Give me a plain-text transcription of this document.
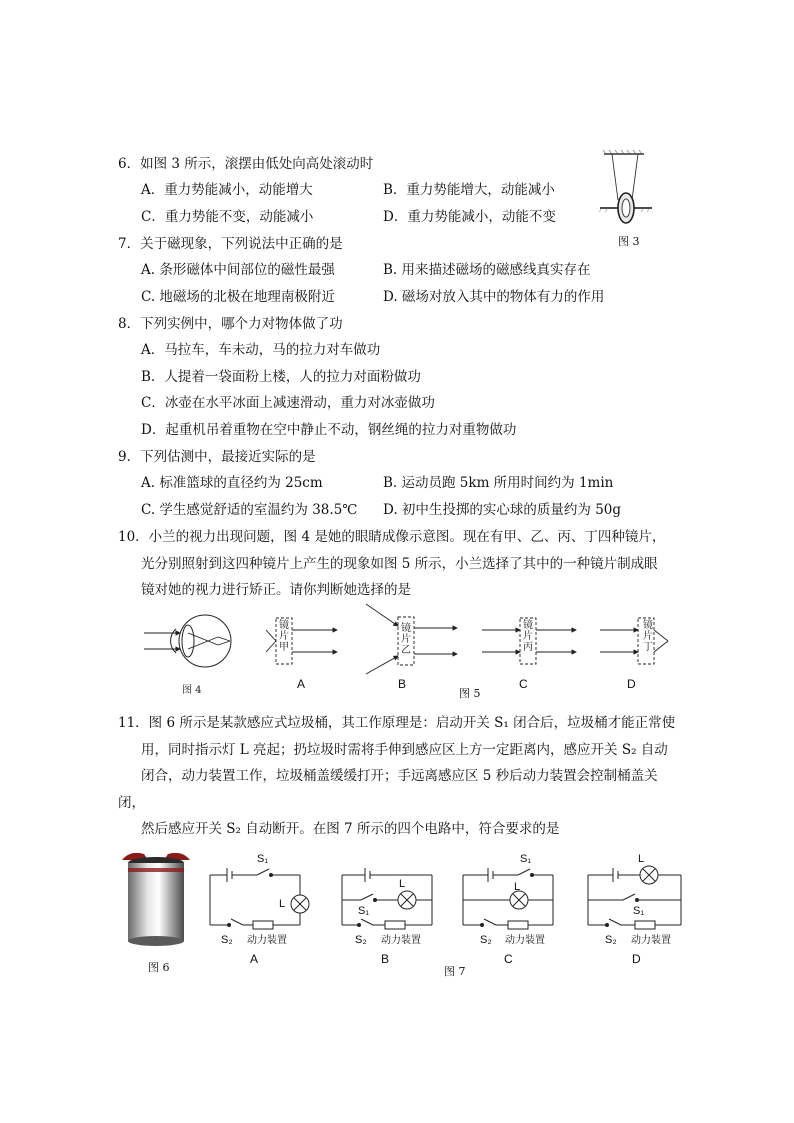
6．如图 3 所示，滚摆由低处向高处滚动时
A．重力势能减小，动能增大	B．重力势能增大，动能减小
C．重力势能不变，动能减小	D．重力势能减小，动能不变
图 3
7．关于磁现象，下列说法中正确的是
A. 条形磁体中间部位的磁性最强	B. 用来描述磁场的磁感线真实存在
C. 地磁场的北极在地理南极附近	D. 磁场对放入其中的物体有力的作用
8．下列实例中，哪个力对物体做了功
A．马拉车，车未动，马的拉力对车做功
B．人提着一袋面粉上楼，人的拉力对面粉做功
C．冰壶在水平冰面上减速滑动，重力对冰壶做功
D．起重机吊着重物在空中静止不动，钢丝绳的拉力对重物做功
9．下列估测中，最接近实际的是
A. 标准篮球的直径约为 25cm	B. 运动员跑 5km 所用时间约为 1min
C. 学生感觉舒适的室温约为 38.5℃ D. 初中生投掷的实心球的质量约为 50g
10．小兰的视力出现问题，图 4 是她的眼睛成像示意图。现在有甲、乙、丙、丁四种镜片，
光分别照射到这四种镜片上产生的现象如图 5 所示，小兰选择了其中的一种镜片制成眼
镜对她的视力进行矫正。请你判断她选择的是
图 4
镜片甲
A
镜片乙
B
镜片丙
C
镜片丁
D
图 5
11．图 6 所示是某款感应式垃圾桶，其工作原理是：启动开关 S₁ 闭合后，垃圾桶才能正常使
用，同时指示灯 L 亮起；扔垃圾时需将手伸到感应区上方一定距离内，感应开关 S₂ 自动
闭合，动力装置工作，垃圾桶盖缓缓打开；手远离感应区 5 秒后动力装置会控制桶盖关
闭，
然后感应开关 S₂ 自动断开。在图 7 所示的四个电路中，符合要求的是
图 6
S₁
L
S₂ 动力装置
A
L
S₁
S₂ 动力装置
B
S₁
L
S₂ 动力装置
C
L
S₁
S₂ 动力装置
D
图 7
